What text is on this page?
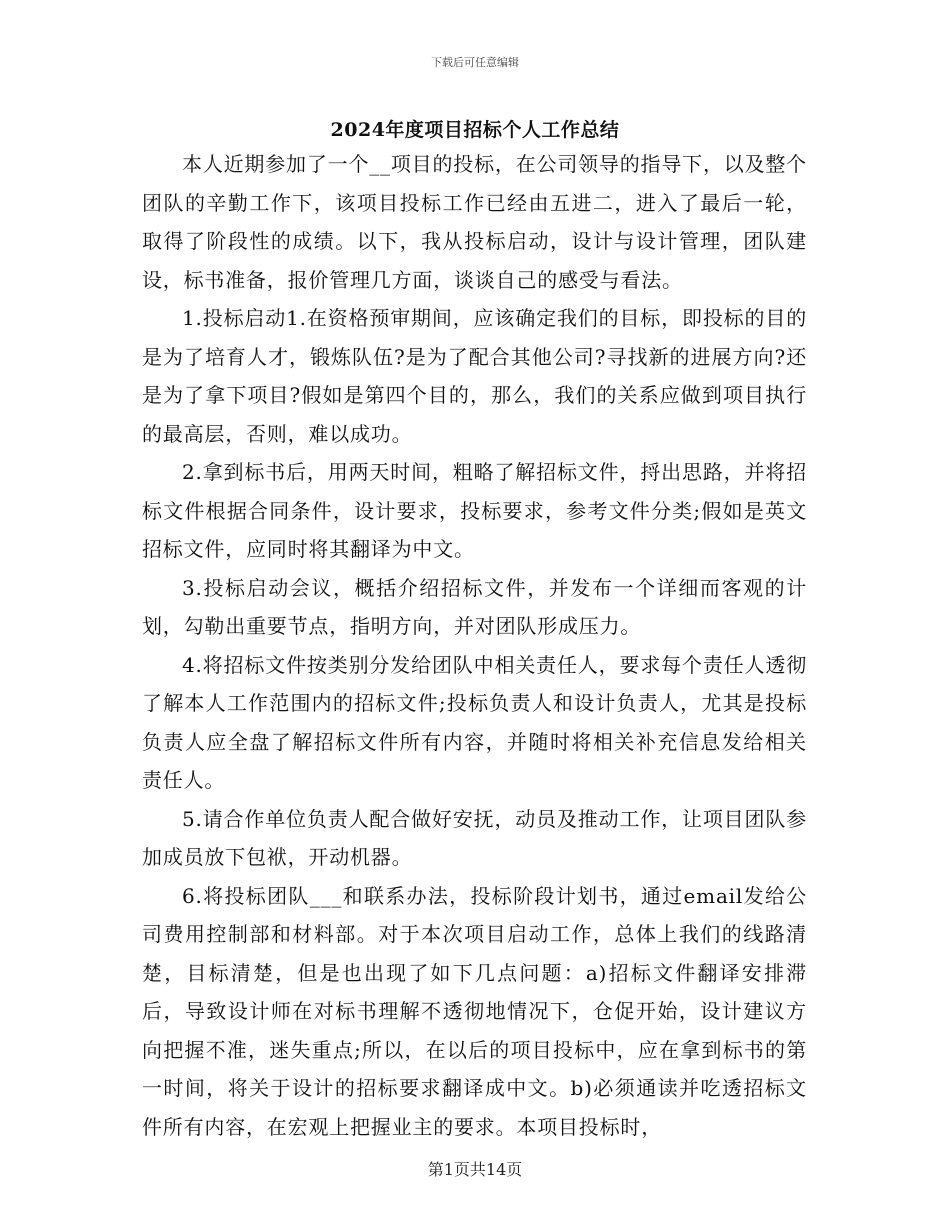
下载后可任意编辑
2024年度项目招标个人工作总结

本人近期参加了一个__项目的投标，在公司领导的指导下，以及整个团队的辛勤工作下，该项目投标工作已经由五进二，进入了最后一轮，取得了阶段性的成绩。以下，我从投标启动，设计与设计管理，团队建设，标书准备，报价管理几方面，谈谈自己的感受与看法。

1.投标启动1.在资格预审期间，应该确定我们的目标，即投标的目的是为了培育人才，锻炼队伍?是为了配合其他公司?寻找新的进展方向?还是为了拿下项目?假如是第四个目的，那么，我们的关系应做到项目执行的最高层，否则，难以成功。

2.拿到标书后，用两天时间，粗略了解招标文件，捋出思路，并将招标文件根据合同条件，设计要求，投标要求，参考文件分类;假如是英文招标文件，应同时将其翻译为中文。

3.投标启动会议，概括介绍招标文件，并发布一个详细而客观的计划，勾勒出重要节点，指明方向，并对团队形成压力。

4.将招标文件按类别分发给团队中相关责任人，要求每个责任人透彻了解本人工作范围内的招标文件;投标负责人和设计负责人，尤其是投标负责人应全盘了解招标文件所有内容，并随时将相关补充信息发给相关责任人。

5.请合作单位负责人配合做好安抚，动员及推动工作，让项目团队参加成员放下包袱，开动机器。

6.将投标团队___和联系办法，投标阶段计划书，通过email发给公司费用控制部和材料部。对于本次项目启动工作，总体上我们的线路清楚，目标清楚，但是也出现了如下几点问题：a)招标文件翻译安排滞后，导致设计师在对标书理解不透彻地情况下，仓促开始，设计建议方向把握不准，迷失重点;所以，在以后的项目投标中，应在拿到标书的第一时间，将关于设计的招标要求翻译成中文。b)必须通读并吃透招标文件所有内容，在宏观上把握业主的要求。本项目投标时，

第1页共14页
